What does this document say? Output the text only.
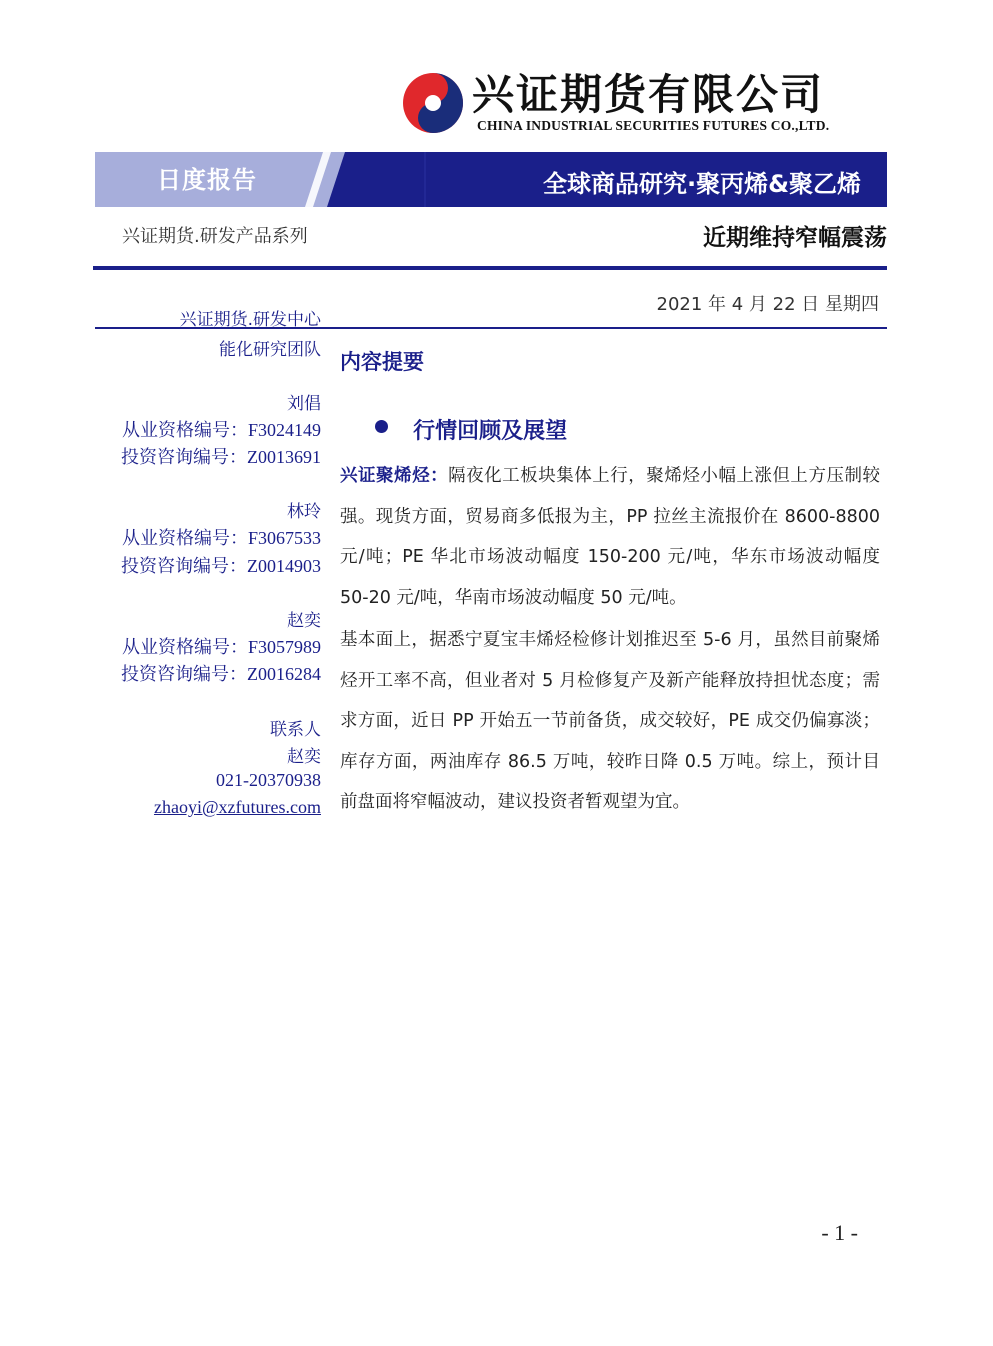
兴证期货有限公司
CHINA INDUSTRIAL SECURITIES FUTURES CO.,LTD.
日度报告	全球商品研究·聚丙烯&聚乙烯
兴证期货.研发产品系列	近期维持窄幅震荡
2021 年 4 月 22 日 星期四
兴证期货.研发中心
能化研究团队
刘倡
从业资格编号：F3024149
投资咨询编号：Z0013691
林玲
从业资格编号：F3067533
投资咨询编号：Z0014903
赵奕
从业资格编号：F3057989
投资咨询编号：Z0016284
联系人
赵奕
021-20370938
zhaoyi@xzfutures.com
内容提要
行情回顾及展望
兴证聚烯烃：隔夜化工板块集体上行，聚烯烃小幅上涨但上方压制较强。现货方面，贸易商多低报为主，PP 拉丝主流报价在 8600-8800 元/吨；PE 华北市场波动幅度 150-200 元/吨，华东市场波动幅度 50-20 元/吨，华南市场波动幅度 50 元/吨。
基本面上，据悉宁夏宝丰烯烃检修计划推迟至 5-6 月，虽然目前聚烯烃开工率不高，但业者对 5 月检修复产及新产能释放持担忧态度；需求方面，近日 PP 开始五一节前备货，成交较好，PE 成交仍偏寡淡；库存方面，两油库存 86.5 万吨，较昨日降 0.5 万吨。综上，预计目前盘面将窄幅波动，建议投资者暂观望为宜。
- 1 -
